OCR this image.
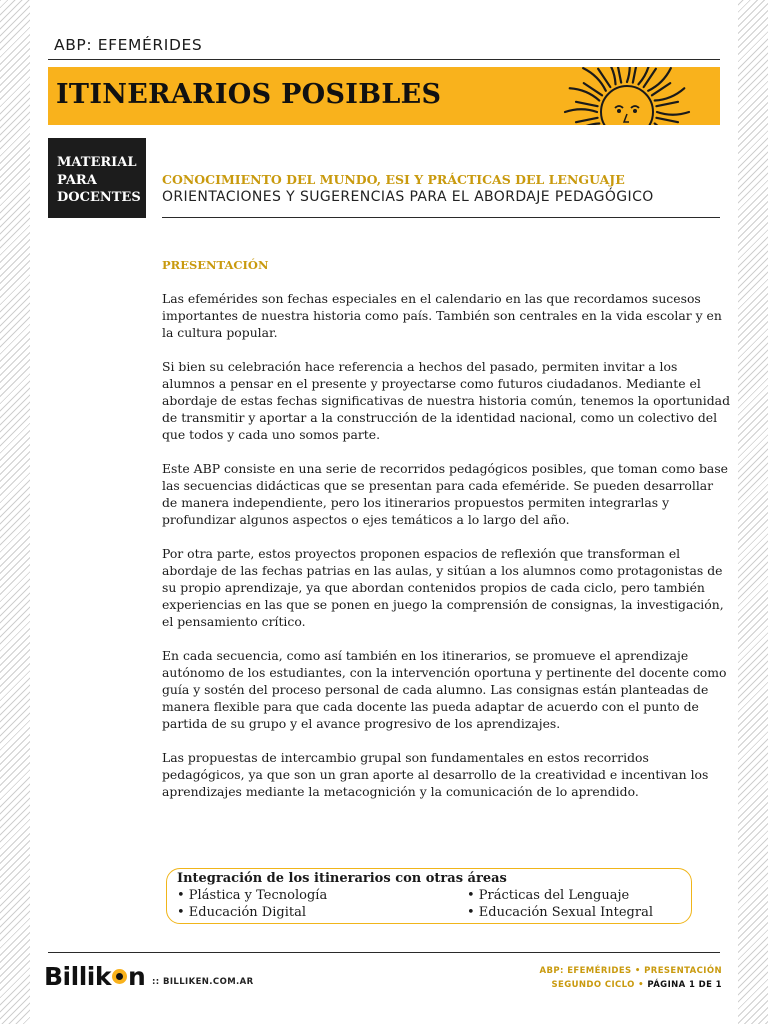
ABP: EFEMÉRIDES
ITINERARIOS POSIBLES
MATERIAL
PARA
DOCENTES
CONOCIMIENTO DEL MUNDO, ESI Y PRÁCTICAS DEL LENGUAJE
ORIENTACIONES Y SUGERENCIAS PARA EL ABORDAJE PEDAGÓGICO
PRESENTACIÓN

Las efemérides son fechas especiales en el calendario en las que recordamos sucesos importantes de nuestra historia como país. También son centrales en la vida escolar y en la cultura popular.

Si bien su celebración hace referencia a hechos del pasado, permiten invitar a los alumnos a pensar en el presente y proyectarse como futuros ciudadanos. Mediante el abordaje de estas fechas significativas de nuestra historia común, tenemos la oportunidad de transmitir y aportar a la construcción de la identidad nacional, como un colectivo del que todos y cada uno somos parte.

Este ABP consiste en una serie de recorridos pedagógicos posibles, que toman como base las secuencias didácticas que se presentan para cada efeméride. Se pueden desarrollar de manera independiente, pero los itinerarios propuestos permiten integrarlas y profundizar algunos aspectos o ejes temáticos a lo largo del año.

Por otra parte, estos proyectos proponen espacios de reflexión que transforman el abordaje de las fechas patrias en las aulas, y sitúan a los alumnos como protagonistas de su propio aprendizaje, ya que abordan contenidos propios de cada ciclo, pero también experiencias en las que se ponen en juego la comprensión de consignas, la investigación, el pensamiento crítico.

En cada secuencia, como así también en los itinerarios, se promueve el aprendizaje autónomo de los estudiantes, con la intervención oportuna y pertinente del docente como guía y sostén del proceso personal de cada alumno. Las consignas están planteadas de manera flexible para que cada docente las pueda adaptar de acuerdo con el punto de partida de su grupo y el avance progresivo de los aprendizajes.

Las propuestas de intercambio grupal son fundamentales en estos recorridos pedagógicos, ya que son un gran aporte al desarrollo de la creatividad e incentivan los aprendizajes mediante la metacognición y la comunicación de lo aprendido.

Integración de los itinerarios con otras áreas
• Plástica y Tecnología	• Prácticas del Lenguaje
• Educación Digital	• Educación Sexual Integral
Billik n :: BILLIKEN.COM.AR
ABP: EFEMÉRIDES • PRESENTACIÓN
SEGUNDO CICLO • PÁGINA 1 DE 1
